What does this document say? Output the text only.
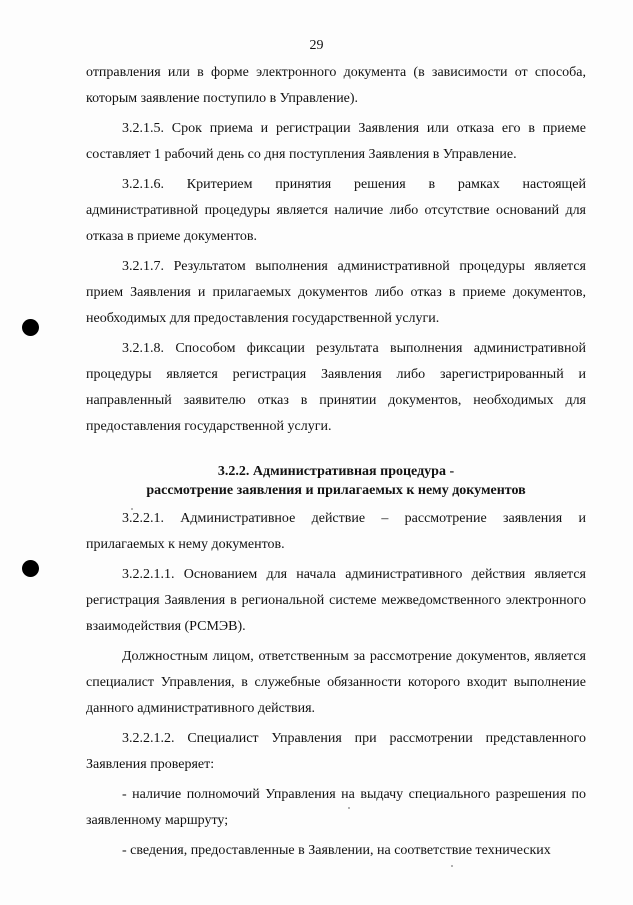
29

отправления или в форме электронного документа (в зависимости от способа, которым заявление поступило в Управление).

3.2.1.5. Срок приема и регистрации Заявления или отказа его в приеме составляет 1 рабочий день со дня поступления Заявления в Управление.

3.2.1.6. Критерием принятия решения в рамках настоящей административной процедуры является наличие либо отсутствие оснований для отказа в приеме документов.

3.2.1.7. Результатом выполнения административной процедуры является прием Заявления и прилагаемых документов либо отказ в приеме документов, необходимых для предоставления государственной услуги.

3.2.1.8. Способом фиксации результата выполнения административной процедуры является регистрация Заявления либо зарегистрированный и направленный заявителю отказ в принятии документов, необходимых для предоставления государственной услуги.

3.2.2. Административная процедура -
рассмотрение заявления и прилагаемых к нему документов

3.2.2.1. Административное действие – рассмотрение заявления и прилагаемых к нему документов.

3.2.2.1.1. Основанием для начала административного действия является регистрация Заявления в региональной системе межведомственного электронного взаимодействия (РСМЭВ).

Должностным лицом, ответственным за рассмотрение документов, является специалист Управления, в служебные обязанности которого входит выполнение данного административного действия.

3.2.2.1.2. Специалист Управления при рассмотрении представленного Заявления проверяет:

- наличие полномочий Управления на выдачу специального разрешения по заявленному маршруту;

- сведения, предоставленные в Заявлении, на соответствие технических
